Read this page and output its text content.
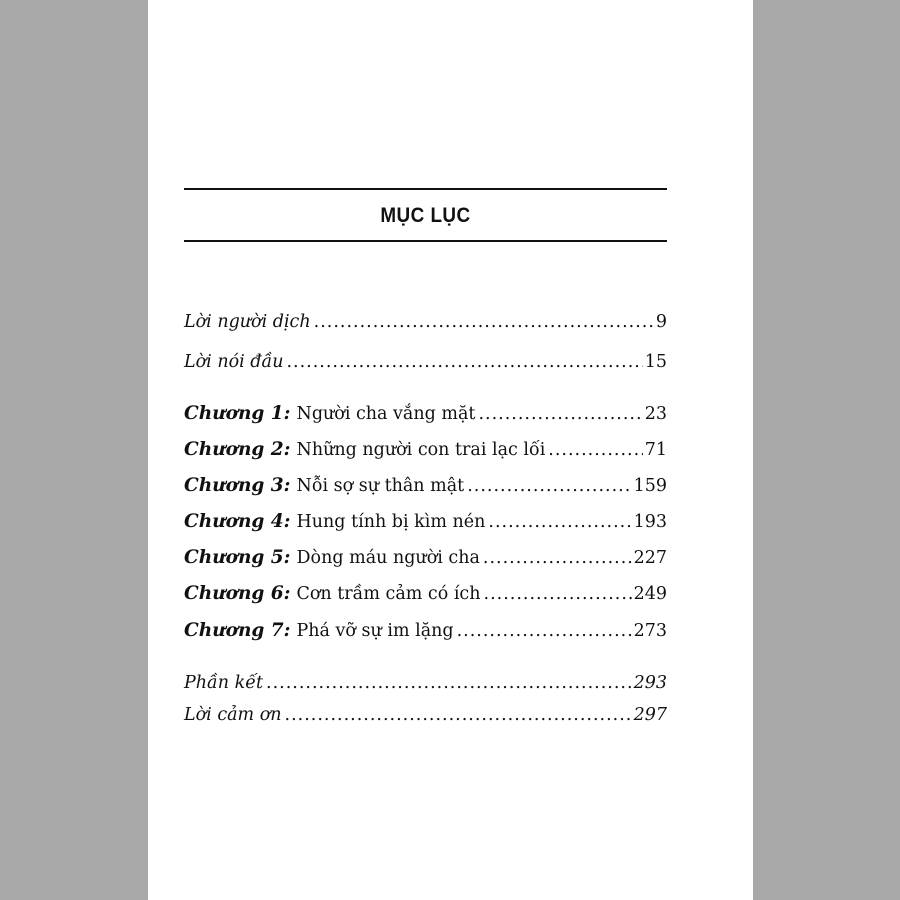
MỤC LỤC
Lời người dịch .....	9
Lời nói đầu .....	15
Chương 1: Người cha vắng mặt .....	23
Chương 2: Những người con trai lạc lối .....	71
Chương 3: Nỗi sợ sự thân mật .....	159
Chương 4: Hung tính bị kìm nén .....	193
Chương 5: Dòng máu người cha .....	227
Chương 6: Cơn trầm cảm có ích .....	249
Chương 7: Phá vỡ sự im lặng .....	273
Phần kết .....	293
Lời cảm ơn .....	297
